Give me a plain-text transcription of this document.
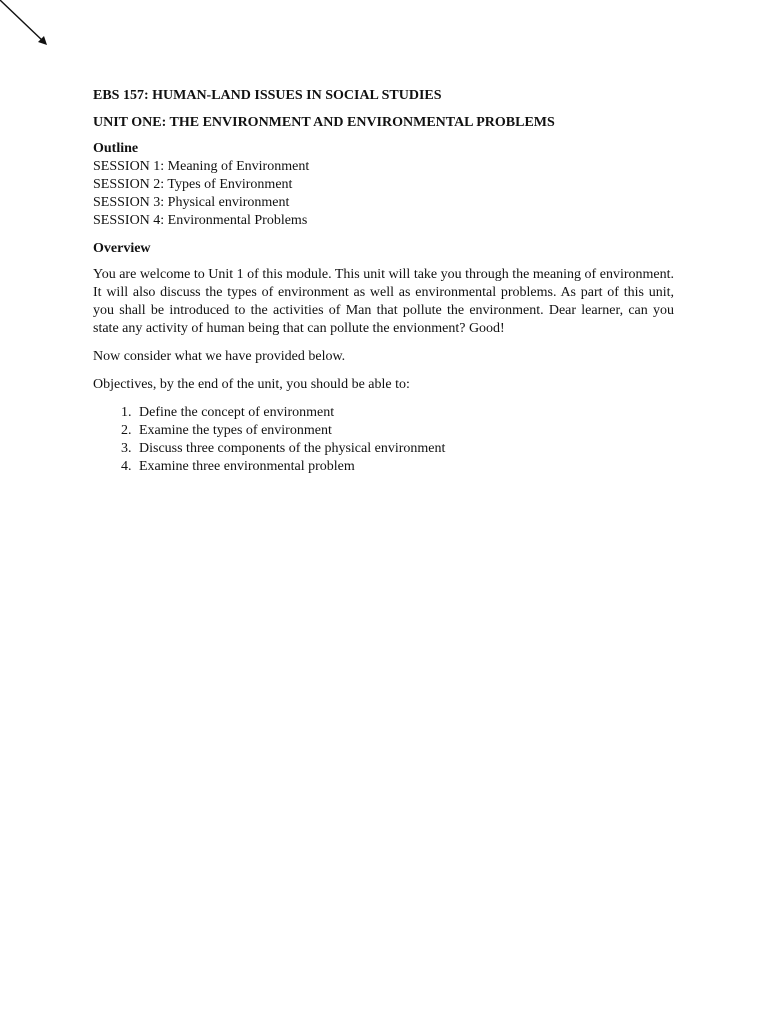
EBS 157: HUMAN-LAND ISSUES IN SOCIAL STUDIES

UNIT ONE: THE ENVIRONMENT AND ENVIRONMENTAL PROBLEMS

Outline

SESSION 1: Meaning of Environment
SESSION 2: Types of Environment
SESSION 3: Physical environment
SESSION 4: Environmental Problems

Overview

You are welcome to Unit 1 of this module. This unit will take you through the meaning of environment. It will also discuss the types of environment as well as environmental problems. As part of this unit, you shall be introduced to the activities of Man that pollute the environment. Dear learner, can you state any activity of human being that can pollute the envionment? Good!

Now consider what we have provided below.

Objectives, by the end of the unit, you should be able to:

1. Define the concept of environment
2. Examine the types of environment
3. Discuss three components of the physical environment
4. Examine three environmental problem
